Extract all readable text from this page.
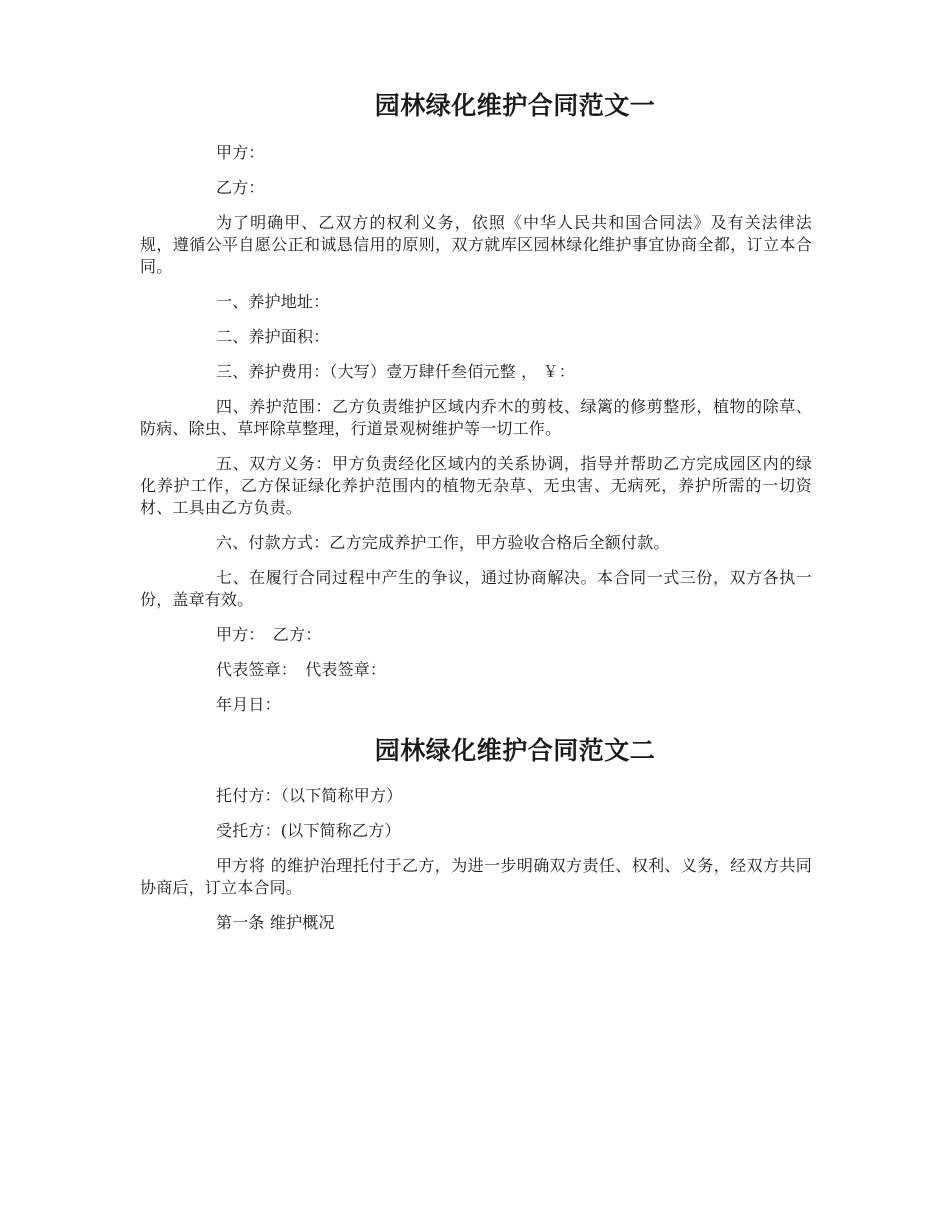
园林绿化维护合同范文一

甲方：

乙方：

为了明确甲、乙双方的权利义务，依照《中华人民共和国合同法》及有关法律法规，遵循公平自愿公正和诚恳信用的原则，双方就库区园林绿化维护事宜协商全都，订立本合同。

一、养护地址：

二、养护面积：

三、养护费用：（大写）壹万肆仟叁佰元整 ， ￥：

四、养护范围：乙方负责维护区域内乔木的剪枝、绿篱的修剪整形，植物的除草、防病、除虫、草坪除草整理，行道景观树维护等一切工作。

五、双方义务：甲方负责经化区域内的关系协调，指导并帮助乙方完成园区内的绿化养护工作，乙方保证绿化养护范围内的植物无杂草、无虫害、无病死，养护所需的一切资材、工具由乙方负责。

六、付款方式：乙方完成养护工作，甲方验收合格后全额付款。

七、在履行合同过程中产生的争议，通过协商解决。本合同一式三份，双方各执一份，盖章有效。

甲方：　乙方：

代表签章：　代表签章：

年月日：

园林绿化维护合同范文二

托付方：（以下简称甲方）

受托方：(以下简称乙方）

甲方将 的维护治理托付于乙方，为进一步明确双方责任、权利、义务，经双方共同协商后，订立本合同。

第一条 维护概况
